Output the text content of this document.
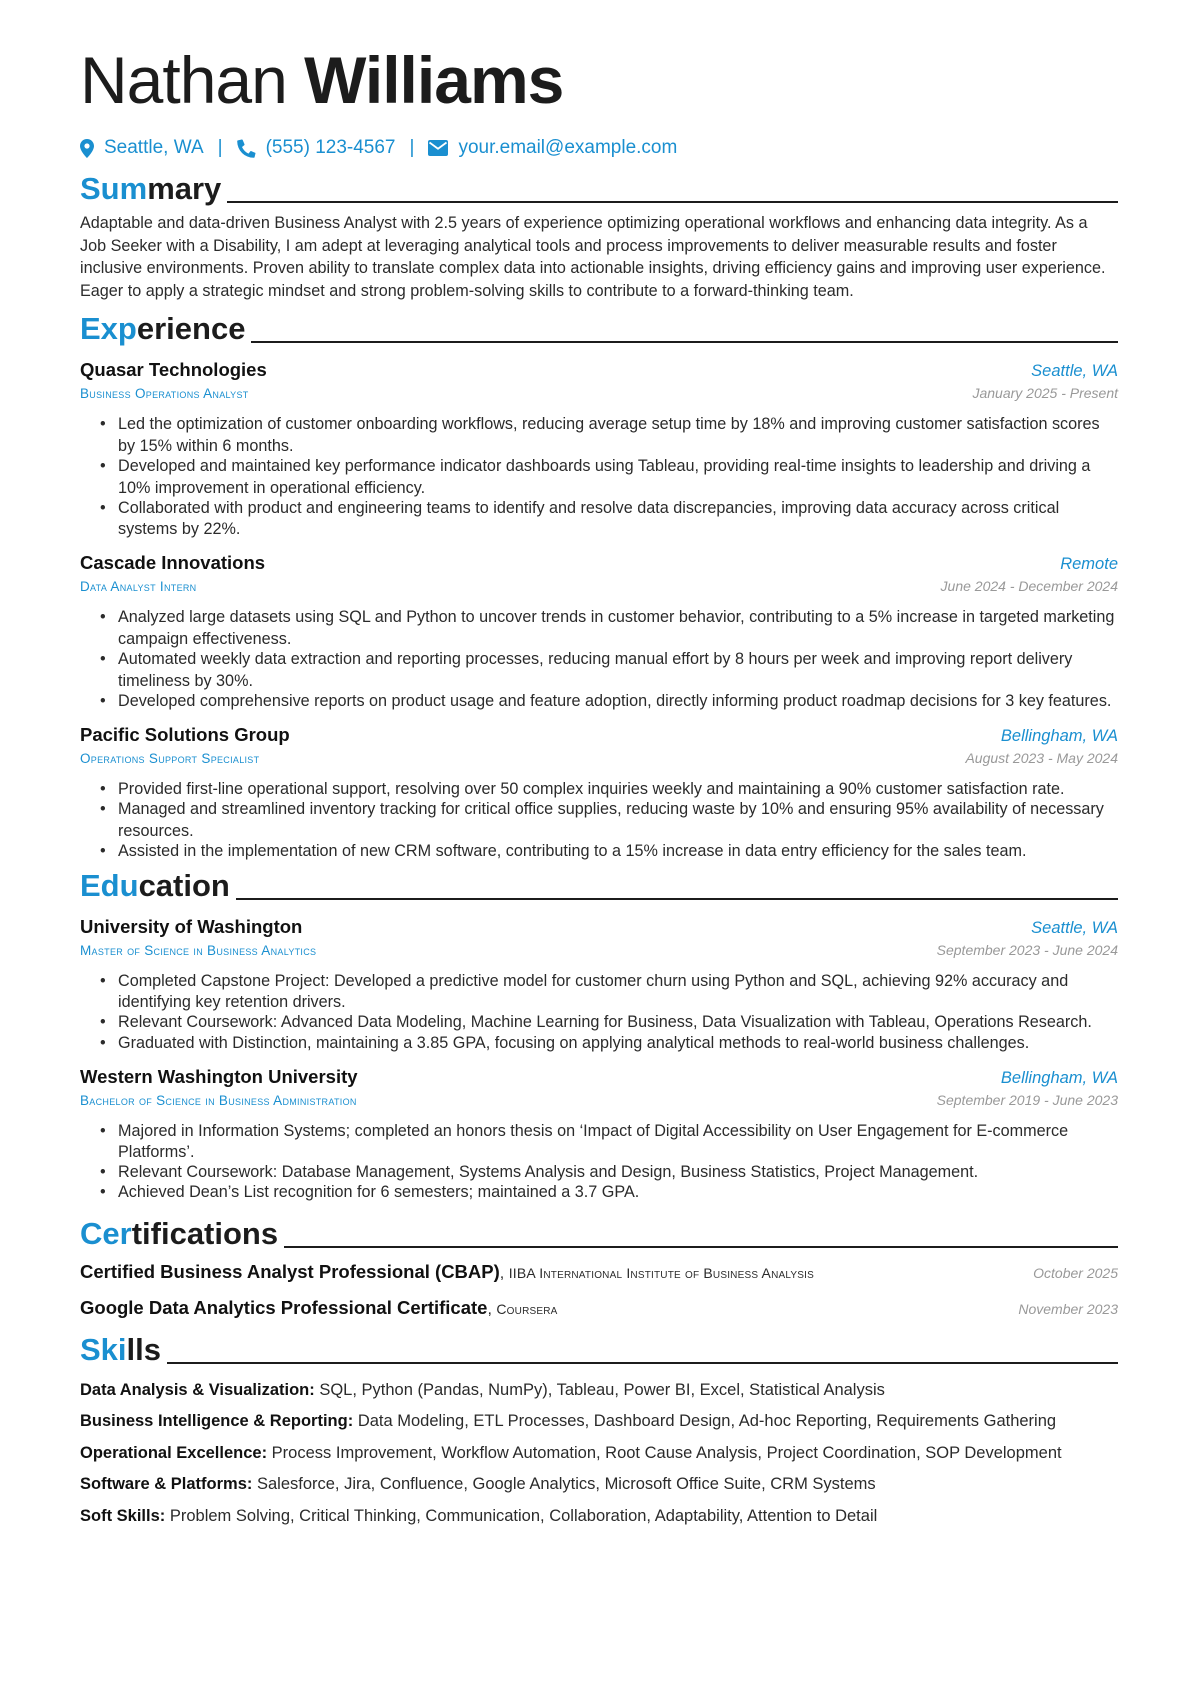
Nathan Williams
Seattle, WA | (555) 123-4567 | your.email@example.com
Summary

Adaptable and data-driven Business Analyst with 2.5 years of experience optimizing operational workflows and enhancing data integrity. As a Job Seeker with a Disability, I am adept at leveraging analytical tools and process improvements to deliver measurable results and foster inclusive environments. Proven ability to translate complex data into actionable insights, driving efficiency gains and improving user experience. Eager to apply a strategic mindset and strong problem-solving skills to contribute to a forward-thinking team.

Experience
Quasar Technologies	Seattle, WA
Business Operations Analyst	January 2025 - Present
• Led the optimization of customer onboarding workflows, reducing average setup time by 18% and improving customer satisfaction scores by 15% within 6 months.
• Developed and maintained key performance indicator dashboards using Tableau, providing real-time insights to leadership and driving a 10% improvement in operational efficiency.
• Collaborated with product and engineering teams to identify and resolve data discrepancies, improving data accuracy across critical systems by 22%.
Cascade Innovations	Remote
Data Analyst Intern	June 2024 - December 2024
• Analyzed large datasets using SQL and Python to uncover trends in customer behavior, contributing to a 5% increase in targeted marketing campaign effectiveness.
• Automated weekly data extraction and reporting processes, reducing manual effort by 8 hours per week and improving report delivery timeliness by 30%.
• Developed comprehensive reports on product usage and feature adoption, directly informing product roadmap decisions for 3 key features.
Pacific Solutions Group	Bellingham, WA
Operations Support Specialist	August 2023 - May 2024
• Provided first-line operational support, resolving over 50 complex inquiries weekly and maintaining a 90% customer satisfaction rate.
• Managed and streamlined inventory tracking for critical office supplies, reducing waste by 10% and ensuring 95% availability of necessary resources.
• Assisted in the implementation of new CRM software, contributing to a 15% increase in data entry efficiency for the sales team.
Education
University of Washington	Seattle, WA
Master of Science in Business Analytics	September 2023 - June 2024
• Completed Capstone Project: Developed a predictive model for customer churn using Python and SQL, achieving 92% accuracy and identifying key retention drivers.
• Relevant Coursework: Advanced Data Modeling, Machine Learning for Business, Data Visualization with Tableau, Operations Research.
• Graduated with Distinction, maintaining a 3.85 GPA, focusing on applying analytical methods to real-world business challenges.
Western Washington University	Bellingham, WA
Bachelor of Science in Business Administration	September 2019 - June 2023
• Majored in Information Systems; completed an honors thesis on ‘Impact of Digital Accessibility on User Engagement for E-commerce Platforms’.
• Relevant Coursework: Database Management, Systems Analysis and Design, Business Statistics, Project Management.
• Achieved Dean’s List recognition for 6 semesters; maintained a 3.7 GPA.
Certifications
Certified Business Analyst Professional (CBAP), IIBA International Institute of Business Analysis	October 2025
Google Data Analytics Professional Certificate, Coursera	November 2023
Skills
Data Analysis & Visualization: SQL, Python (Pandas, NumPy), Tableau, Power BI, Excel, Statistical Analysis
Business Intelligence & Reporting: Data Modeling, ETL Processes, Dashboard Design, Ad-hoc Reporting, Requirements Gathering
Operational Excellence: Process Improvement, Workflow Automation, Root Cause Analysis, Project Coordination, SOP Development
Software & Platforms: Salesforce, Jira, Confluence, Google Analytics, Microsoft Office Suite, CRM Systems
Soft Skills: Problem Solving, Critical Thinking, Communication, Collaboration, Adaptability, Attention to Detail
